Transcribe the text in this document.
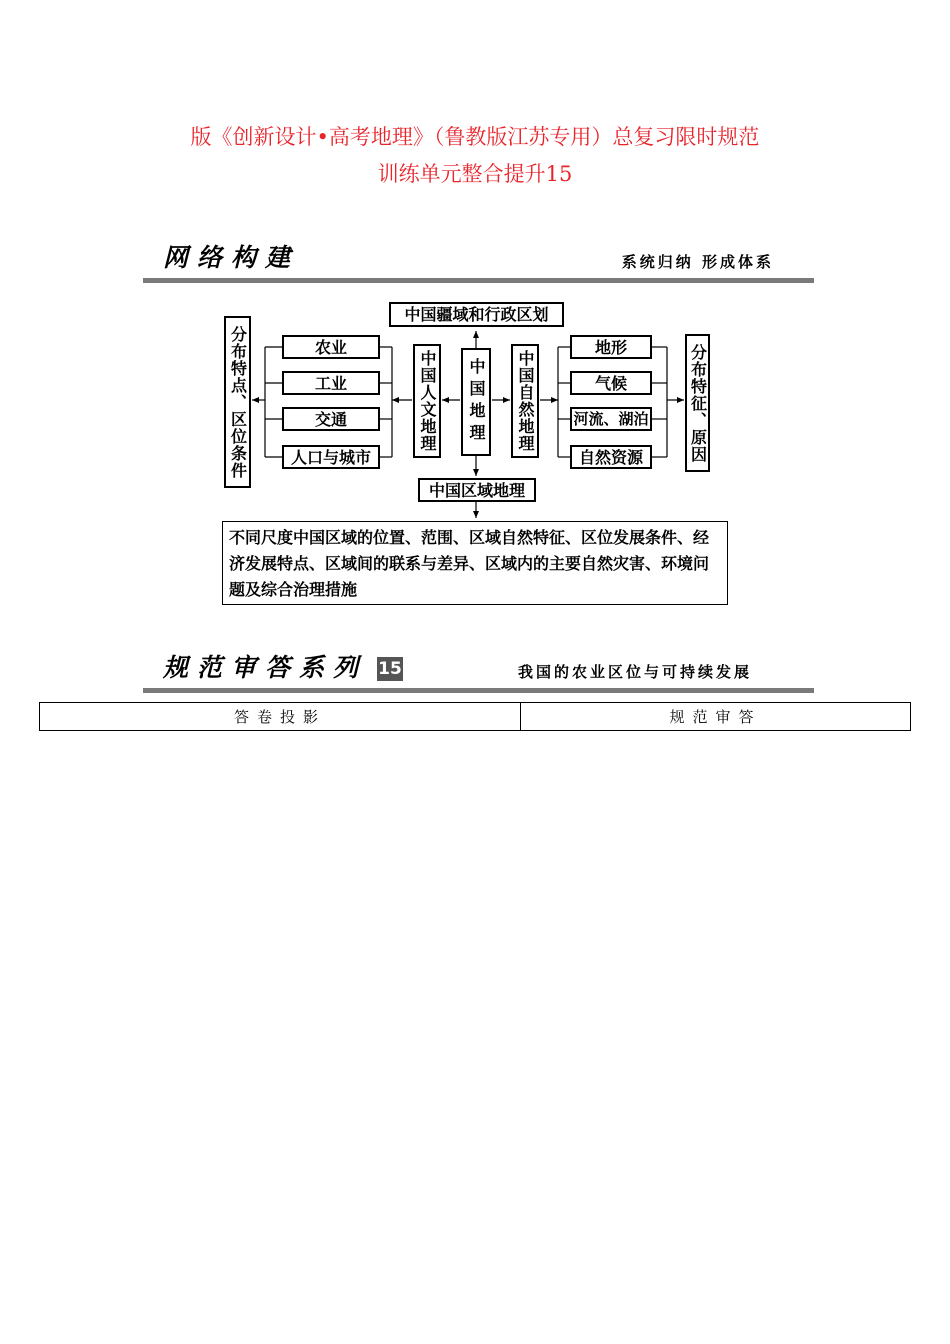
版《创新设计•高考地理》（鲁教版江苏专用）总复习限时规范
训练单元整合提升15
网络构建	系统归纳 形成体系
分布特点、区位条件	农业
工业
交通
人口与城市
中国人文地理	中国地理
中国疆域和行政区划
中国区域地理
中国自然地理
地形
气候
河流、湖泊
自然资源	分布特征、原因
不同尺度中国区域的位置、范围、区域自然特征、区位发展条件、经济发展特点、区域间的联系与差异、区域内的主要自然灾害、环境问题及综合治理措施
规范审答系列 15	我国的农业区位与可持续发展
答卷投影	规范审答
